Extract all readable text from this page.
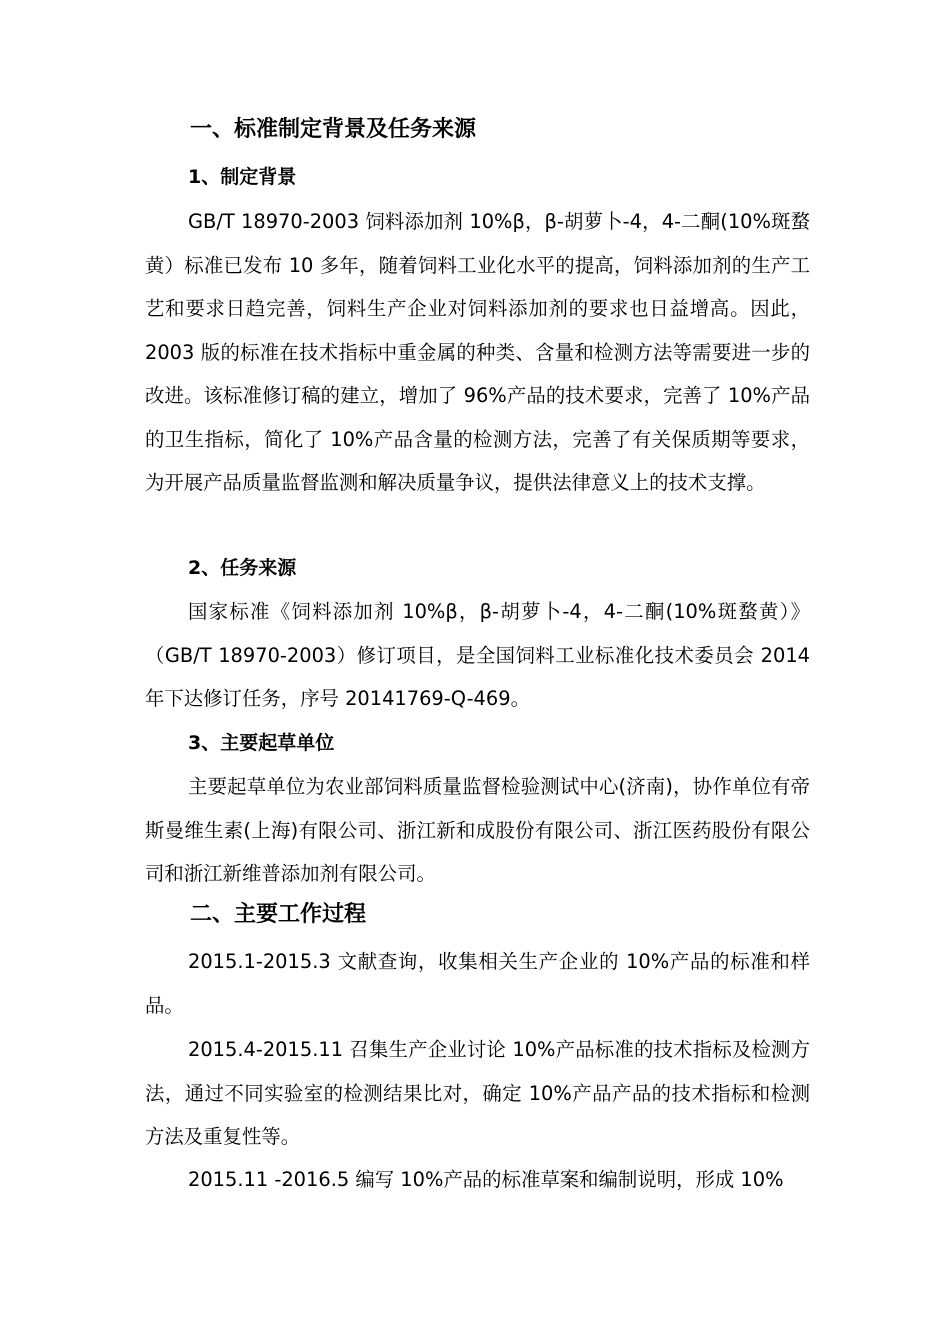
一、标准制定背景及任务来源
1、制定背景

GB/T 18970-2003 饲料添加剂 10%β，β-胡萝卜-4，4-二酮(10%斑蝥黄）标准已发布 10 多年，随着饲料工业化水平的提高，饲料添加剂的生产工艺和要求日趋完善，饲料生产企业对饲料添加剂的要求也日益增高。因此，2003 版的标准在技术指标中重金属的种类、含量和检测方法等需要进一步的改进。该标准修订稿的建立，增加了 96%产品的技术要求，完善了 10%产品的卫生指标，简化了 10%产品含量的检测方法，完善了有关保质期等要求，为开展产品质量监督监测和解决质量争议，提供法律意义上的技术支撑。

2、任务来源

国家标准《饲料添加剂 10%β，β-胡萝卜-4，4-二酮(10%斑蝥黄）》（GB/T 18970-2003）修订项目，是全国饲料工业标准化技术委员会 2014 年下达修订任务，序号 20141769-Q-469。

3、主要起草单位

主要起草单位为农业部饲料质量监督检验测试中心(济南)，协作单位有帝斯曼维生素(上海)有限公司、浙江新和成股份有限公司、浙江医药股份有限公司和浙江新维普添加剂有限公司。

二、主要工作过程

2015.1-2015.3 文献查询，收集相关生产企业的 10%产品的标准和样品。

2015.4-2015.11 召集生产企业讨论 10%产品标准的技术指标及检测方法，通过不同实验室的检测结果比对，确定 10%产品产品的技术指标和检测方法及重复性等。

2015.11 -2016.5 编写 10%产品的标准草案和编制说明，形成 10%
